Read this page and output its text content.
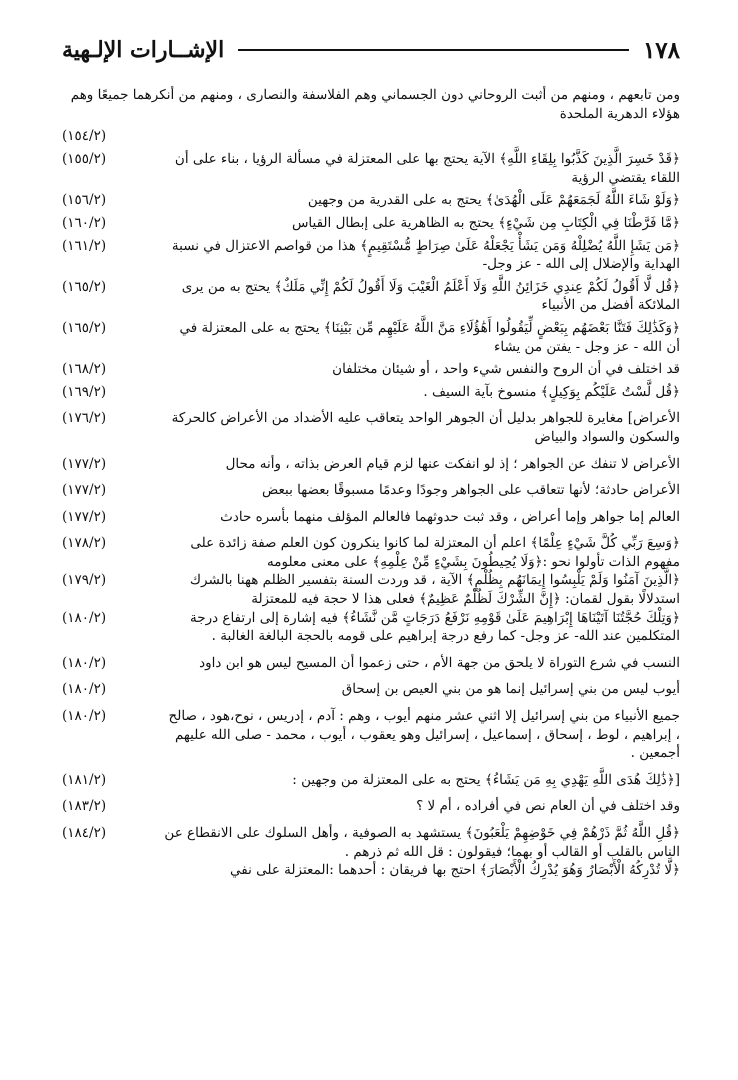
١٧٨
الإشــارات الإلـهية
ومن تابعهم ، ومنهم من أثبت الروحاني دون الجسماني وهم الفلاسفة والنصارى ، ومنهم من أنكرهما جميعًا وهم هؤلاء الدهرية الملحدة
(١٥٤/٢)
﴿قَدْ خَسِرَ الَّذِينَ كَذَّبُوا بِلِقَاءِ اللَّهِ﴾ الآية يحتج بها على المعتزلة في مسألة الرؤيا ، بناء على أن اللقاء يقتضي الرؤية
(١٥٥/٢)
﴿وَلَوْ شَاءَ اللَّهُ لَجَمَعَهُمْ عَلَى الْهُدَىٰ﴾ يحتج به على القدرية من وجهين
(١٥٦/٢)
﴿مَّا فَرَّطْنَا فِي الْكِتَابِ مِن شَيْءٍ﴾ يحتج به الظاهرية على إبطال القياس
(١٦٠/٢)
﴿مَن يَشَإِ اللَّهُ يُضْلِلْهُ وَمَن يَشَأْ يَجْعَلْهُ عَلَىٰ صِرَاطٍ مُّسْتَقِيمٍ﴾ هذا من قواصم الاعتزال في نسبة الهداية والإضلال إلى الله - عز وجل-
(١٦١/٢)
﴿قُل لَّا أَقُولُ لَكُمْ عِندِي خَزَائِنُ اللَّهِ وَلَا أَعْلَمُ الْغَيْبَ وَلَا أَقُولُ لَكُمْ إِنِّي مَلَكٌ﴾ يحتج به من يرى الملائكة أفضل من الأنبياء
(١٦٥/٢)
﴿وَكَذَٰلِكَ فَتَنَّا بَعْضَهُم بِبَعْضٍ لِّيَقُولُوا أَهَٰؤُلَاءِ مَنَّ اللَّهُ عَلَيْهِم مِّن بَيْنِنَا﴾ يحتج به على المعتزلة في أن الله - عز وجل - يفتن من يشاء
(١٦٥/٢)
قد اختلف في أن الروح والنفس شيء واحد ، أو شيئان مختلفان
(١٦٨/٢)
﴿قُل لَّسْتُ عَلَيْكُم بِوَكِيلٍ﴾ منسوخ بآية السيف .
(١٦٩/٢)
الأعراض] مغايرة للجواهر بدليل أن الجوهر الواحد يتعاقب عليه الأضداد من الأعراض كالحركة والسكون والسواد والبياض
(١٧٦/٢)
الأعراض لا تنفك عن الجواهر ؛ إذ لو انفكت عنها لزم قيام العرض بذاته ، وأنه محال
(١٧٧/٢)
الأعراض حادثة؛ لأنها تتعاقب على الجواهر وجودًا وعدمًا مسبوقًا بعضها ببعض
(١٧٧/٢)
العالم إما جواهر وإما أعراض ، وقد ثبت حدوثهما فالعالم المؤلف منهما بأسره حادث
(١٧٧/٢)
﴿وَسِعَ رَبِّي كُلَّ شَيْءٍ عِلْمًا﴾ اعلم أن المعتزلة لما كانوا ينكرون كون العلم صفة زائدة على مفهوم الذات تأولوا نحو :﴿وَلَا يُحِيطُونَ بِشَيْءٍ مِّنْ عِلْمِهِ﴾ على معنى معلومه
(١٧٨/٢)
﴿الَّذِينَ آمَنُوا وَلَمْ يَلْبِسُوا إِيمَانَهُم بِظُلْمٍ﴾ الآية ، قد وردت السنة بتفسير الظلم ههنا بالشرك استدلالًا بقول لقمان: ﴿إِنَّ الشِّرْكَ لَظُلْمٌ عَظِيمٌ﴾ فعلى هذا لا حجة فيه للمعتزلة
(١٧٩/٢)
﴿وَتِلْكَ حُجَّتُنَا آتَيْنَاهَا إِبْرَاهِيمَ عَلَىٰ قَوْمِهِ نَرْفَعُ دَرَجَاتٍ مَّن نَّشَاءُ﴾ فيه إشارة إلى ارتفاع درجة المتكلمين عند الله- عز وجل- كما رفع درجة إبراهيم على قومه بالحجة البالغة الغالبة .
(١٨٠/٢)
النسب في شرع التوراة لا يلحق من جهة الأم ، حتى زعموا أن المسيح ليس هو ابن داود
(١٨٠/٢)
أيوب ليس من بني إسرائيل إنما هو من بني العيص بن إسحاق
(١٨٠/٢)
جميع الأنبياء من بني إسرائيل إلا اثني عشر منهم أيوب ، وهم : آدم ، إدريس ، نوح،هود ، صالح ، إبراهيم ، لوط ، إسحاق ، إسماعيل ، إسرائيل وهو يعقوب ، أيوب ، محمد - صلى الله عليهم أجمعين .
(١٨٠/٢)
[﴿ذَٰلِكَ هُدَى اللَّهِ يَهْدِي بِهِ مَن يَشَاءُ﴾ يحتج به على المعتزلة من وجهين :
(١٨١/٢)
وقد اختلف في أن العام نص في أفراده ، أم لا ؟
(١٨٣/٢)
﴿قُلِ اللَّهُ ثُمَّ ذَرْهُمْ فِي خَوْضِهِمْ يَلْعَبُونَ﴾ يستشهد به الصوفية ، وأهل السلوك على الانقطاع عن الناس بالقلب أو القالب أو بهما؛ فيقولون : قل الله ثم ذرهم .
(١٨٤/٢)
﴿لَّا تُدْرِكُهُ الْأَبْصَارُ وَهُوَ يُدْرِكُ الْأَبْصَارَ﴾ احتج بها فريقان : أحدهما :المعتزلة على نفي
